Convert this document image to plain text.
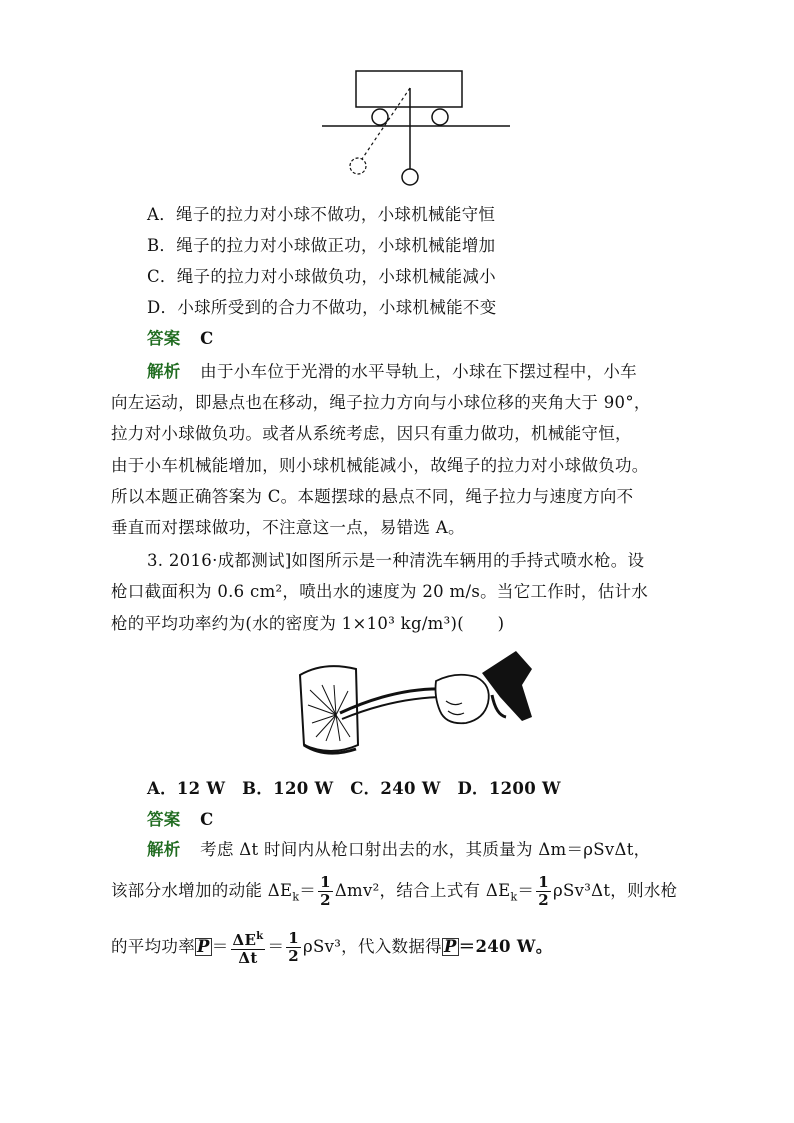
A．绳子的拉力对小球不做功，小球机械能守恒
B．绳子的拉力对小球做正功，小球机械能增加
C．绳子的拉力对小球做负功，小球机械能减小
D．小球所受到的合力不做功，小球机械能不变
答案 C
解析 由于小车位于光滑的水平导轨上，小球在下摆过程中，小车
向左运动，即悬点也在移动，绳子拉力方向与小球位移的夹角大于 90°，
拉力对小球做负功。或者从系统考虑，因只有重力做功，机械能守恒，
由于小车机械能增加，则小球机械能减小，故绳子的拉力对小球做负功。
所以本题正确答案为 C。本题摆球的悬点不同，绳子拉力与速度方向不
垂直而对摆球做功，不注意这一点，易错选 A。
3. 2016·成都测试]如图所示是一种清洗车辆用的手持式喷水枪。设
枪口截面积为 0.6 cm²，喷出水的速度为 20 m/s。当它工作时，估计水
枪的平均功率约为(水的密度为 1×10³ kg/m³)(　　)
A．12 W　B．120 W　C．240 W　D．1200 W
答案 C
解析 考虑 Δt 时间内从枪口射出去的水，其质量为 Δm＝ρSvΔt，
该部分水增加的动能 $\Delta E_k= \frac{1}{2} \Delta mv^2$，结合上式有 $\Delta E_k= \frac{1}{2} \rho Sv^3\Delta t$，则水枪
的平均功率 $P = \frac{\Delta E^k}{\Delta t} = \frac{1}{2} \rho Sv^3$，代入数据得 P ＝240 W。
